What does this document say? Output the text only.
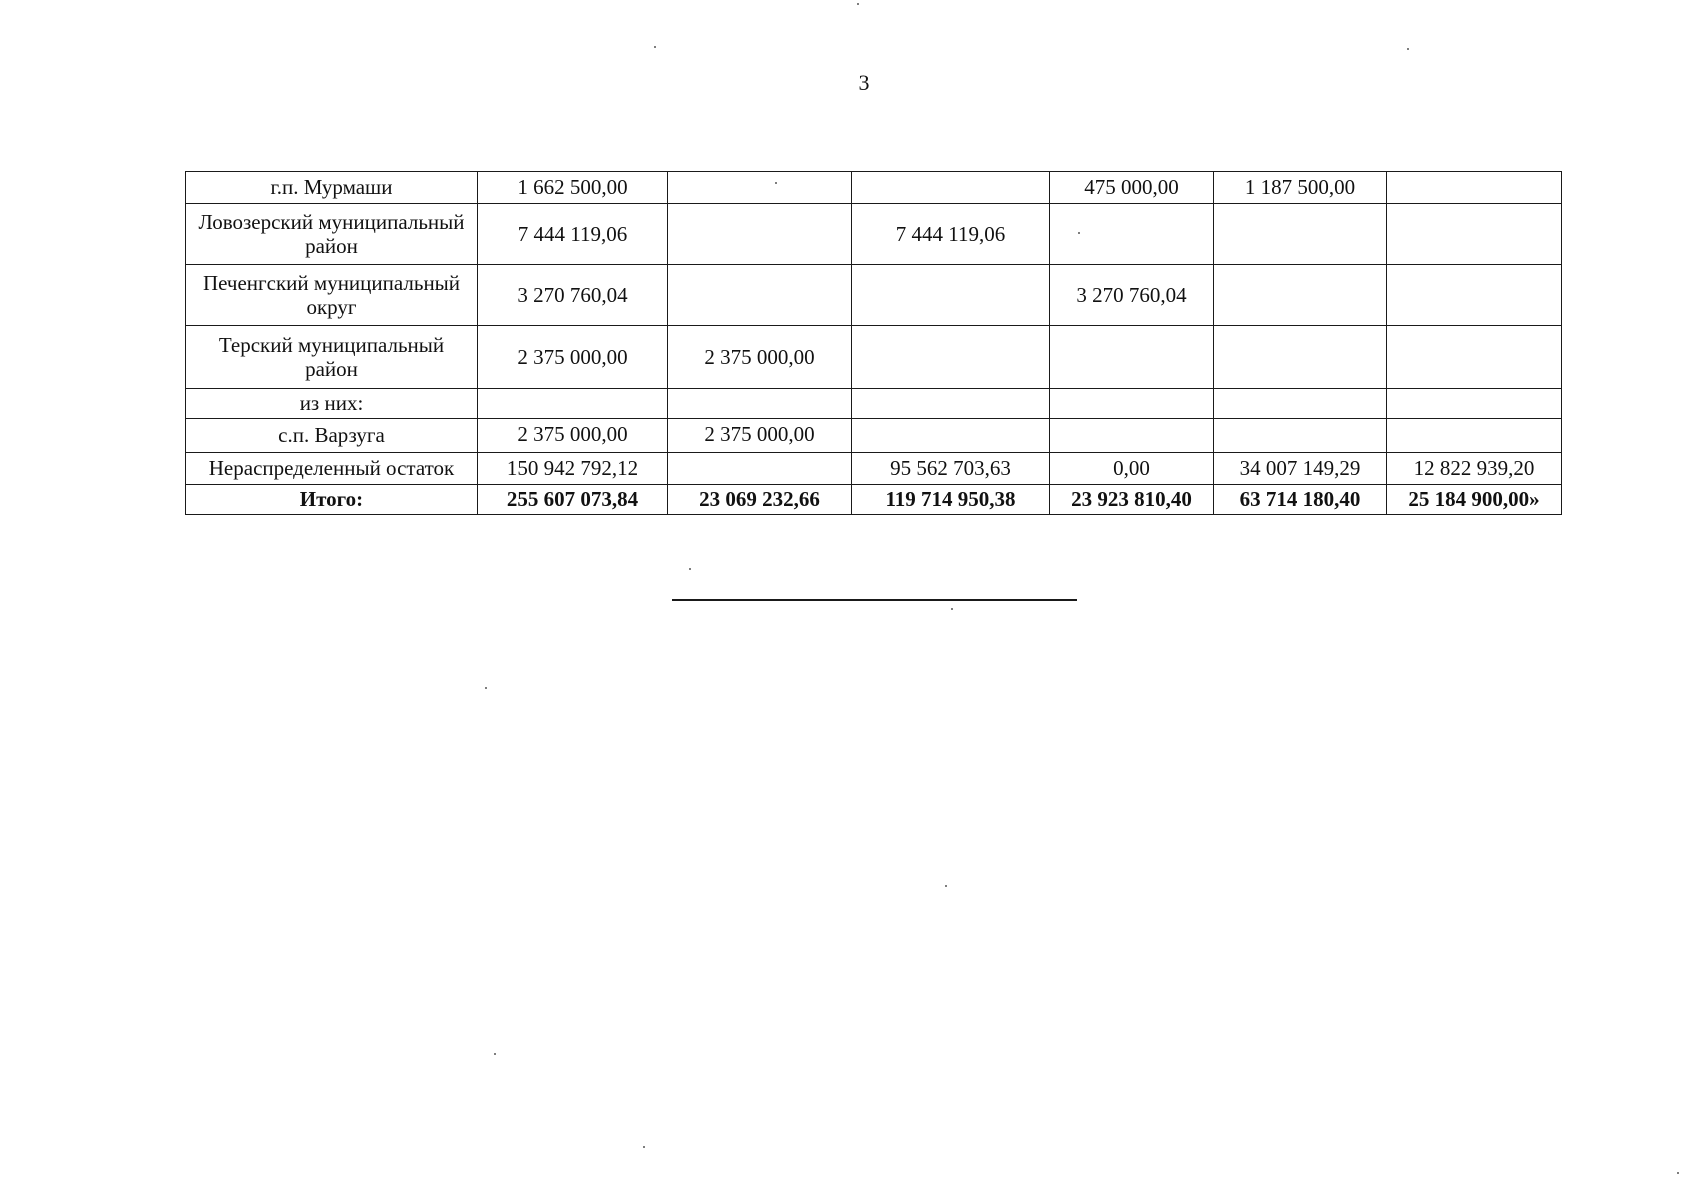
3
г.п. Мурмаши	1 662 500,00			475 000,00	1 187 500,00	
Ловозерский муниципальный район	7 444 119,06		7 444 119,06			
Печенгский муниципальный округ	3 270 760,04			3 270 760,04		
Терский муниципальный район	2 375 000,00	2 375 000,00				
из них:						
с.п. Варзуга	2 375 000,00	2 375 000,00				
Нераспределенный остаток	150 942 792,12		95 562 703,63	0,00	34 007 149,29	12 822 939,20
Итого:	255 607 073,84	23 069 232,66	119 714 950,38	23 923 810,40	63 714 180,40	25 184 900,00»
